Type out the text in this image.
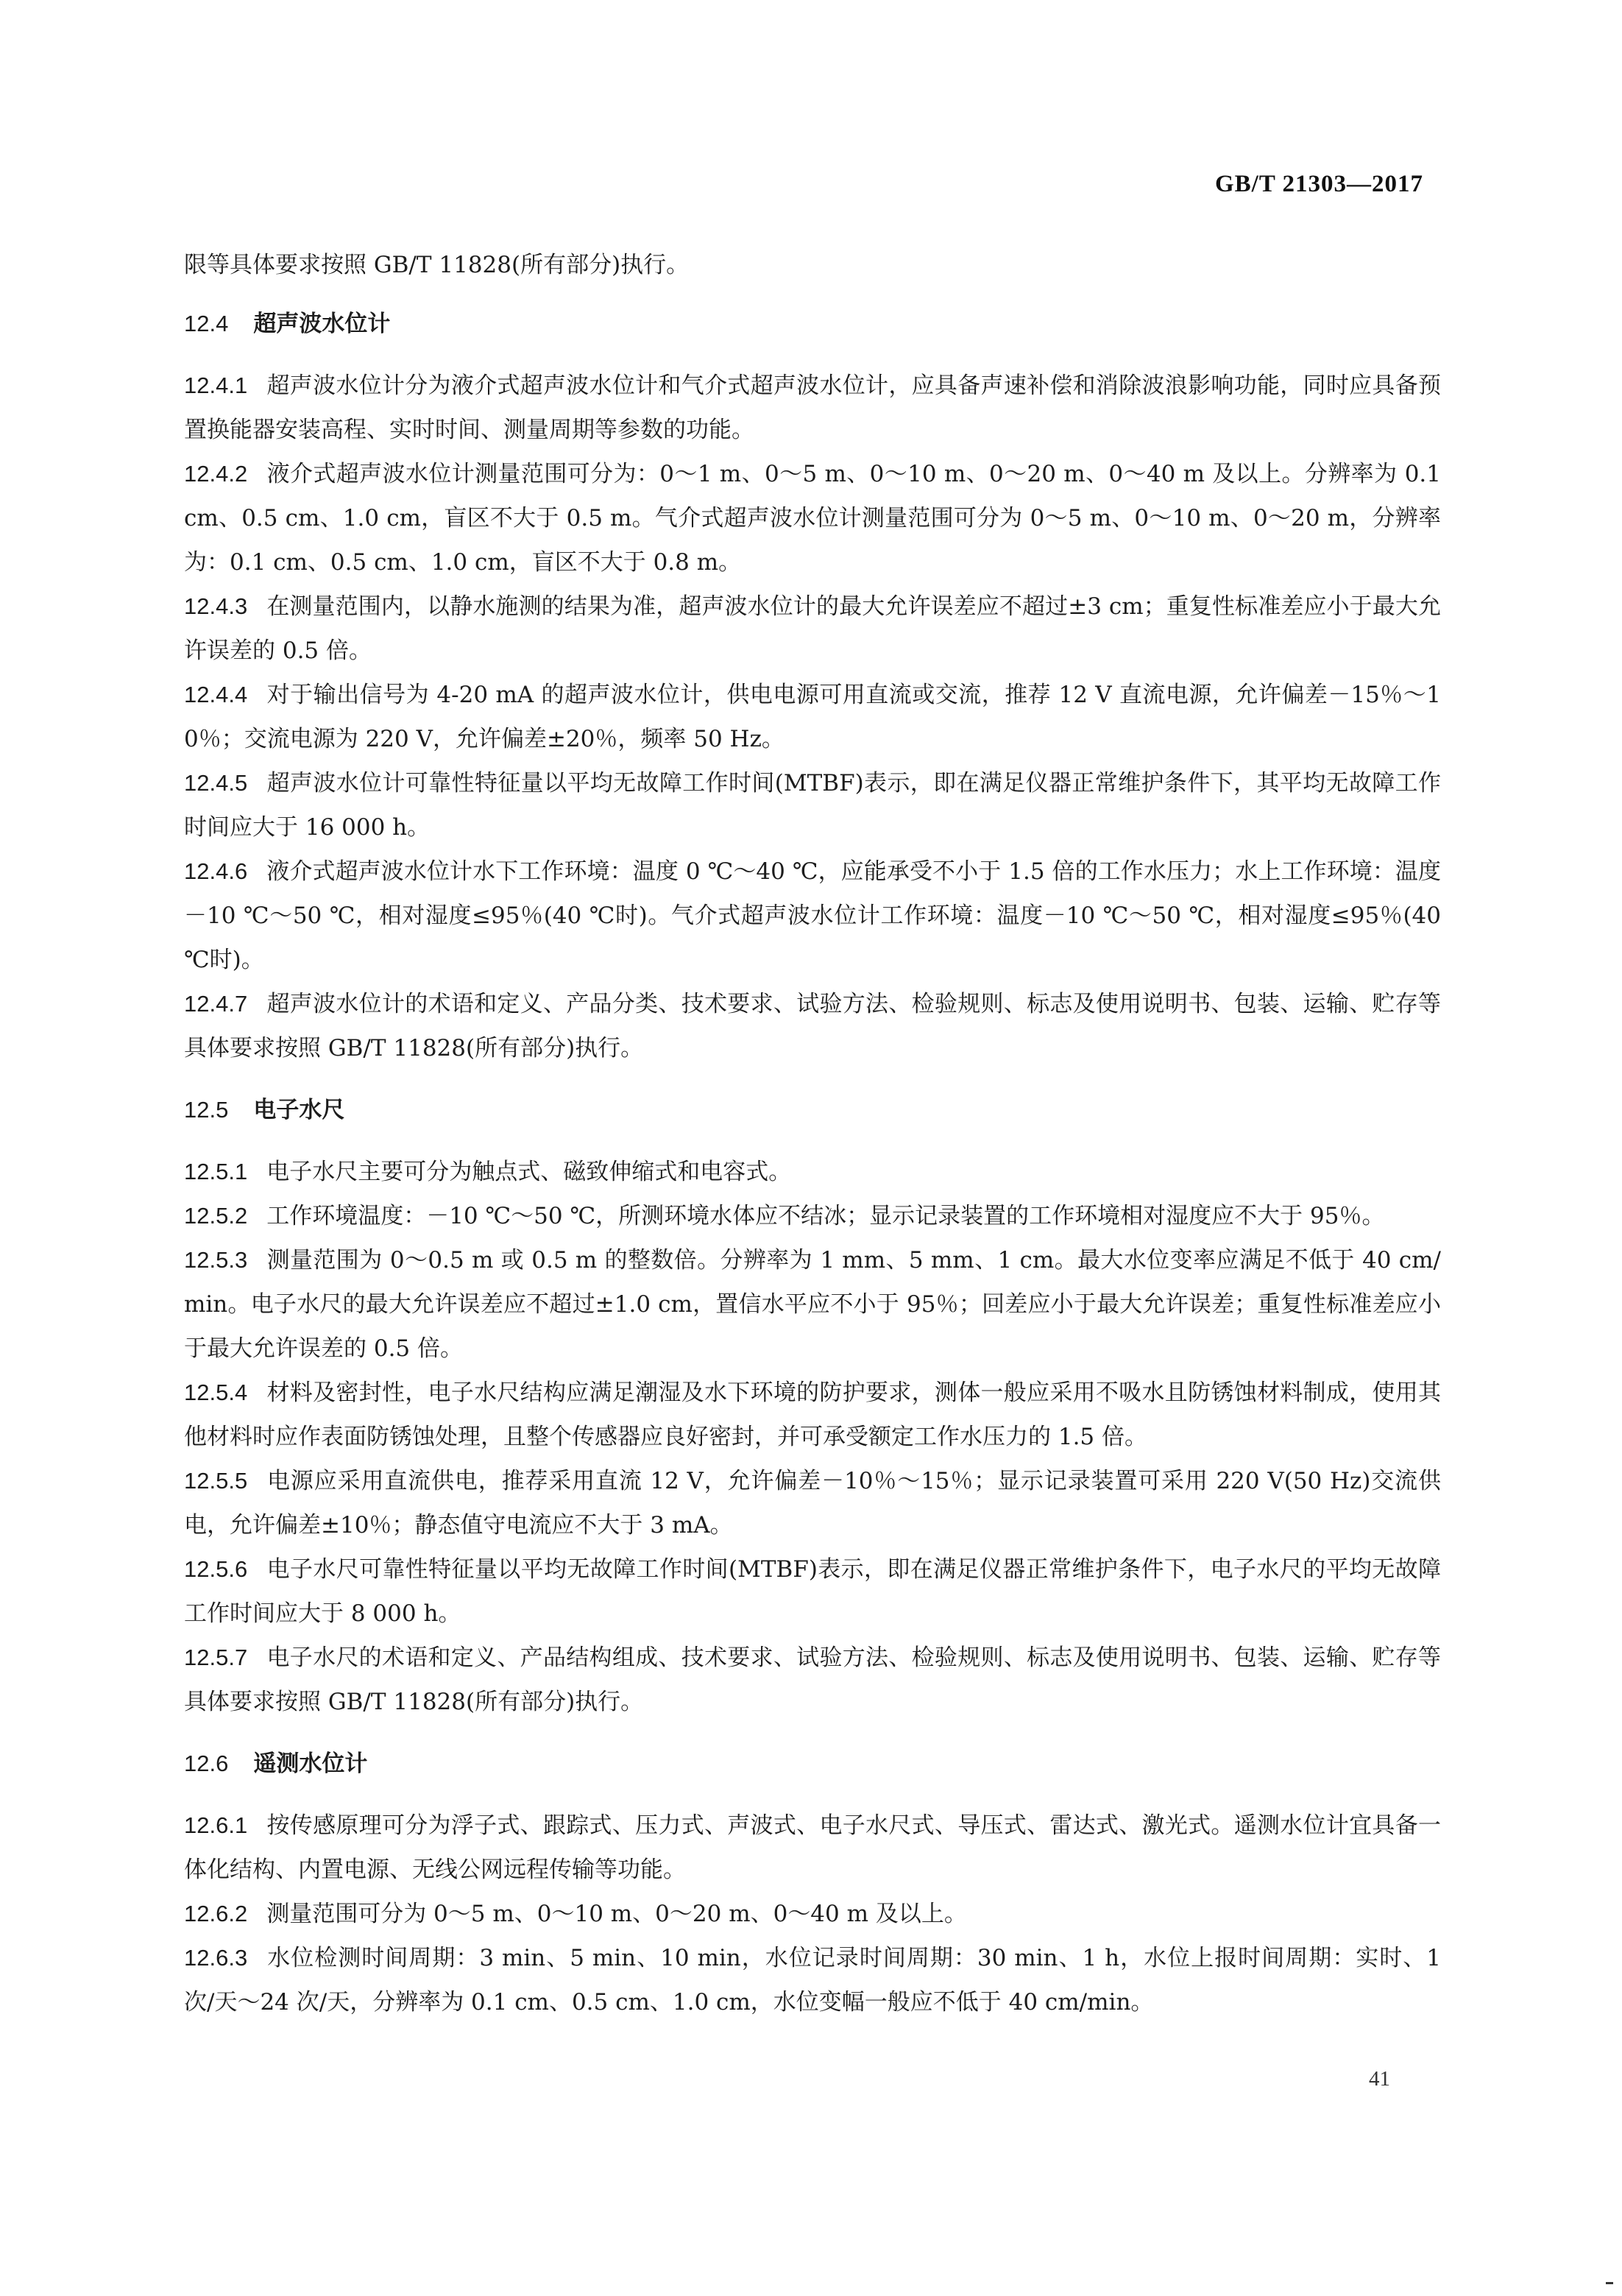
GB/T 21303—2017

限等具体要求按照 GB/T 11828(所有部分)执行。

12.4 超声波水位计

12.4.1 超声波水位计分为液介式超声波水位计和气介式超声波水位计，应具备声速补偿和消除波浪影响功能，同时应具备预置换能器安装高程、实时时间、测量周期等参数的功能。

12.4.2 液介式超声波水位计测量范围可分为：0～1 m、0～5 m、0～10 m、0～20 m、0～40 m 及以上。分辨率为 0.1 cm、0.5 cm、1.0 cm，盲区不大于 0.5 m。气介式超声波水位计测量范围可分为 0～5 m、0～10 m、0～20 m，分辨率为：0.1 cm、0.5 cm、1.0 cm，盲区不大于 0.8 m。

12.4.3 在测量范围内，以静水施测的结果为准，超声波水位计的最大允许误差应不超过±3 cm；重复性标准差应小于最大允许误差的 0.5 倍。

12.4.4 对于输出信号为 4-20 mA 的超声波水位计，供电电源可用直流或交流，推荐 12 V 直流电源，允许偏差－15％～10％；交流电源为 220 V，允许偏差±20％，频率 50 Hz。

12.4.5 超声波水位计可靠性特征量以平均无故障工作时间(MTBF)表示，即在满足仪器正常维护条件下，其平均无故障工作时间应大于 16 000 h。

12.4.6 液介式超声波水位计水下工作环境：温度 0 ℃～40 ℃，应能承受不小于 1.5 倍的工作水压力；水上工作环境：温度－10 ℃～50 ℃，相对湿度≤95％(40 ℃时)。气介式超声波水位计工作环境：温度－10 ℃～50 ℃，相对湿度≤95％(40 ℃时)。

12.4.7 超声波水位计的术语和定义、产品分类、技术要求、试验方法、检验规则、标志及使用说明书、包装、运输、贮存等具体要求按照 GB/T 11828(所有部分)执行。

12.5 电子水尺

12.5.1 电子水尺主要可分为触点式、磁致伸缩式和电容式。

12.5.2 工作环境温度：－10 ℃～50 ℃，所测环境水体应不结冰；显示记录装置的工作环境相对湿度应不大于 95％。

12.5.3 测量范围为 0～0.5 m 或 0.5 m 的整数倍。分辨率为 1 mm、5 mm、1 cm。最大水位变率应满足不低于 40 cm/min。电子水尺的最大允许误差应不超过±1.0 cm，置信水平应不小于 95％；回差应小于最大允许误差；重复性标准差应小于最大允许误差的 0.5 倍。

12.5.4 材料及密封性，电子水尺结构应满足潮湿及水下环境的防护要求，测体一般应采用不吸水且防锈蚀材料制成，使用其他材料时应作表面防锈蚀处理，且整个传感器应良好密封，并可承受额定工作水压力的 1.5 倍。

12.5.5 电源应采用直流供电，推荐采用直流 12 V，允许偏差－10％～15％；显示记录装置可采用 220 V(50 Hz)交流供电，允许偏差±10％；静态值守电流应不大于 3 mA。

12.5.6 电子水尺可靠性特征量以平均无故障工作时间(MTBF)表示，即在满足仪器正常维护条件下，电子水尺的平均无故障工作时间应大于 8 000 h。

12.5.7 电子水尺的术语和定义、产品结构组成、技术要求、试验方法、检验规则、标志及使用说明书、包装、运输、贮存等具体要求按照 GB/T 11828(所有部分)执行。

12.6 遥测水位计

12.6.1 按传感原理可分为浮子式、跟踪式、压力式、声波式、电子水尺式、导压式、雷达式、激光式。遥测水位计宜具备一体化结构、内置电源、无线公网远程传输等功能。

12.6.2 测量范围可分为 0～5 m、0～10 m、0～20 m、0～40 m 及以上。

12.6.3 水位检测时间周期：3 min、5 min、10 min，水位记录时间周期：30 min、1 h，水位上报时间周期：实时、1 次/天～24 次/天，分辨率为 0.1 cm、0.5 cm、1.0 cm，水位变幅一般应不低于 40 cm/min。

41
